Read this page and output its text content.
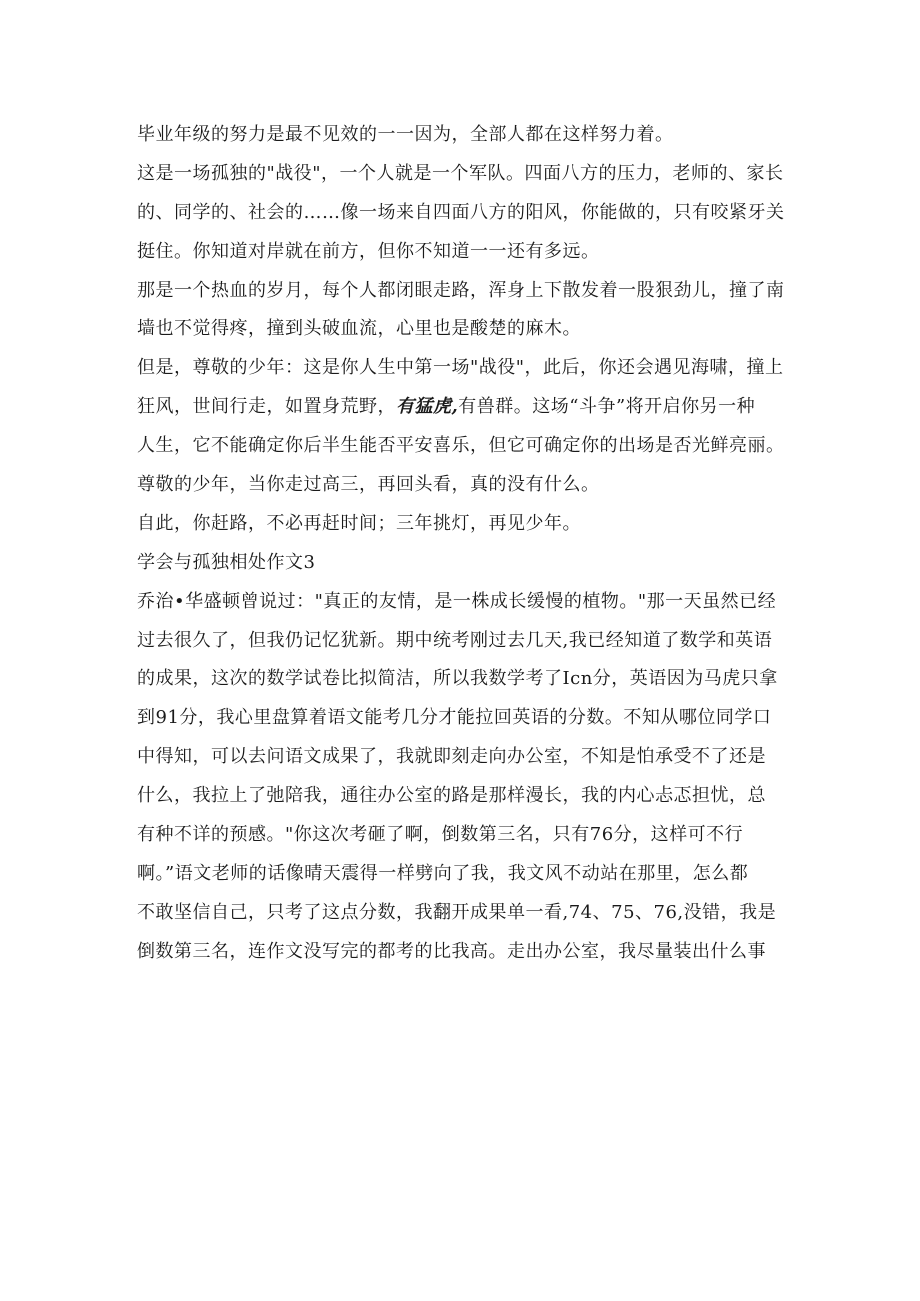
毕业年级的努力是最不见效的一一因为，全部人都在这样努力着。
这是一场孤独的"战役"，一个人就是一个军队。四面八方的压力，老师的、家长
的、同学的、社会的……像一场来自四面八方的阳风，你能做的，只有咬紧牙关
挺住。你知道对岸就在前方，但你不知道一一还有多远。
那是一个热血的岁月，每个人都闭眼走路，浑身上下散发着一股狠劲儿，撞了南
墙也不觉得疼，撞到头破血流，心里也是酸楚的麻木。
但是，尊敬的少年：这是你人生中第一场"战役"，此后，你还会遇见海啸，撞上
狂风，世间行走，如置身荒野，有猛虎,有兽群。这场“斗争”将开启你另一种
人生，它不能确定你后半生能否平安喜乐，但它可确定你的出场是否光鲜亮丽。
尊敬的少年，当你走过高三，再回头看，真的没有什么。
自此，你赶路，不必再赶时间；三年挑灯，再见少年。
学会与孤独相处作文3
乔治•华盛顿曾说过："真正的友情，是一株成长缓慢的植物。"那一天虽然已经
过去很久了，但我仍记忆犹新。期中统考刚过去几天,我已经知道了数学和英语
的成果，这次的数学试卷比拟简洁，所以我数学考了Icn分，英语因为马虎只拿
到91分，我心里盘算着语文能考几分才能拉回英语的分数。不知从哪位同学口
中得知，可以去问语文成果了，我就即刻走向办公室，不知是怕承受不了还是
什么，我拉上了弛陪我，通往办公室的路是那样漫长，我的内心忐忑担忧，总
有种不详的预感。"你这次考砸了啊，倒数第三名，只有76分，这样可不行
啊。”语文老师的话像晴天震得一样劈向了我，我文风不动站在那里，怎么都
不敢坚信自己，只考了这点分数，我翻开成果单一看,74、75、76,没错，我是
倒数第三名，连作文没写完的都考的比我高。走出办公室，我尽量装出什么事
